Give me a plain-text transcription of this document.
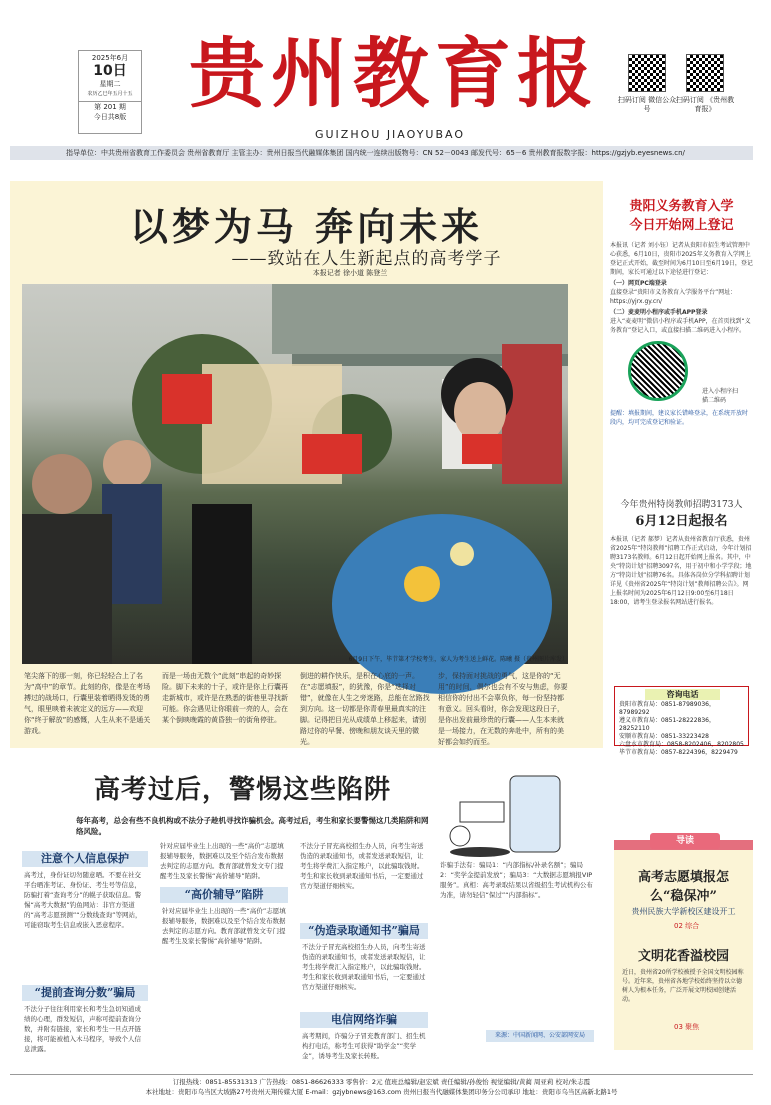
2025年6月
10日
星期二
农历乙巳年五月十五
第 201 期
今日共8版 贵州教育报
GUIZHOU JIAOYUBAO
扫码订阅 微信公众号
扫码订阅 《贵州教育报》
指导单位：中共贵州省教育工作委员会 贵州省教育厅 主管主办：贵州日报当代融媒体集团 国内统一连续出版物号：CN 52－0043 邮发代号：65－6 贵州教育报数字报：https://gzjyb.eyesnews.cn/
以梦为马 奔向未来
——致站在人生新起点的高考学子
本报记者 徐小道 陈登兰
6月9日下午，毕节第才学校考生，家人为考生送上鲜花。陈曦 摄（贵州图片库发）
笔尖落下的那一刻，你已轻轻合上了名为“高中”的章节。此刻的你，像是在考场搏过的战场口，行囊里装着晒得发烫的勇气，眼里映着未被定义的远方——欢迎你“终于解放”的感慨，人生从来不是通关游戏。
而是一场由无数个“此刻”串起的奇妙探险。脚下未来的十子，或许是你上行囊再走新城市，或许是在熟悉的街巷里寻找新可能。你会遇见让你眼前一亮的人，会在某个倒映晚霞的黄昏独一的街角停驻。
倒进的耕作快乐，是积在心底的一声。在“志愿填报”，的犹豫，你是“选择对错”，就像在人生之旁迷路，总能在岔路找到方向。这一切都是你青春里最真实的注脚。记得把目光从成绩单上移起来，请别路过你的早餐、傍晚和朋友谈天里的微光。
步，保持面对挑战的勇气，这是你的“无用”的时间，偶尔也会有不安与焦虑，你要相信你的付出不会辜负你，每一份坚持都有意义。回头看时，你会发现这段日子，是你出发前最珍贵的行囊——人生本来就是一场接力，在无数的奔赴中，所有的美好都会如约而至。
贵阳义务教育入学
今日开始网上登记
本报讯（记者 刘小钰）记者从贵阳市招生考试管理中心获悉，6月10日，贵阳市2025年义务教育入学网上登记正式开始，截至时间为6月10日至6月19日，登记期间，家长可通过以下途径进行登记：
（一）网页PC端登录
直接登录“贵阳市义务教育入学服务平台”网址：https://yjrx.gy.cn/
（二）麦麦明小程序或手机APP登录
进入“麦麦明”微信小程序或手机APP，在首页找到“义务教育”登记入口，或直接扫描二维码进入小程序。
进入小程序扫描二维码
提醒：填报期间，建议家长错峰登录，在系统开放时段内，均可完成登记和验证。
今年贵州特岗教师招聘3173人
6月12日起报名
本报讯（记者 郝梦）记者从贵州省教育厅获悉，贵州省2025年“特岗教师”招聘工作正式启动，今年计划招聘3173名教师。6月12日起开始网上报名。其中，中央“特岗计划”招聘3097名，用于初中和小学学段；地方“特岗计划”招聘76名。具体各岗位分学科招聘计划详见《贵州省2025年“特岗计划”教师招聘公告》。网上报名时间为2025年6月12日9:00至6月18日18:00，请考生登录报名网站进行报名。
咨询电话
贵阳市教育局：0851-87989036，87989292
遵义市教育局：0851-28222836，28252110
安顺市教育局：0851-33223428
六盘水市教育局：0858-8202406，8202805
毕节市教育局：0857-8224396，8229479
高考过后，警惕这些陷阱
每年高考，总会有些不良机构或不法分子趁机寻找诈骗机会。高考过后，考生和家长要警惕这几类陷阱和网络风险。
注意个人信息保护
高考过，身份证切勿随意晒。不要在社交平台晒准考证、身份证、考生号等信息，防骗打着“查询考分”的幌子获取信息。警惕“高考大数据”钓鱼网站：非官方渠道的“高考志愿预测”“分数线查询”等网站，可能窃取考生信息或嵌入恶意程序。
“提前查询分数”骗局
不法分子往往利用家长和考生急切知道成绩的心理，群发短信，声称可提前查询分数，并附有链接，家长和考生一旦点开链接，将可能被植入木马程序，导致个人信息泄露。
针对应届毕业生上出现的一些“高价”志愿填报辅导服务，数据难以及至个结合发布数据去判定的志愿方向。教育部就曾发文专门提醒考生及家长警惕“高价辅导”陷阱。
“高价辅导”陷阱
针对应届毕业生上出现的一些“高价”志愿填报辅导服务，数据难以及至个结合发布数据去判定的志愿方向。教育部就曾发文专门提醒考生及家长警惕“高价辅导”陷阱。
不法分子冒充高校招生办人员，向考生寄送伪造的录取通知书，或者发送录取短信，让考生将学费汇入指定账户，以此骗取钱财。考生和家长收到录取通知书后，一定要通过官方渠道仔细核实。
“伪造录取通知书”骗局
不法分子冒充高校招生办人员，向考生寄送伪造的录取通知书，或者发送录取短信，让考生将学费汇入指定账户，以此骗取钱财。考生和家长收到录取通知书后，一定要通过官方渠道仔细核实。
电信网络诈骗
高考期间，诈骗分子冒充教育部门、招生机构打电话，称考生可获得“助学金”“奖学金”，诱导考生及家长转账。
诈骗手法有：骗局1：“内部指标/补录名额”；骗局2：“奖学金提前发放”；骗局3：“大数据志愿填报VIP服务”。真相：高考录取结果以省级招生考试机构公布为准，请勿轻信“保过”“内部指标”。
来源：中国新闻网、公安部网安局
高考志愿填报怎么“稳保冲”
贵州民族大学新校区建设开工
02 综合
文明花香溢校园
近日，贵州省20所学校被授予全国文明校园称号。近年来，贵州省各地学校始终坚持以立德树人为根本任务，广泛开展文明校园创建活动。
03 聚焦
导读
订报热线：0851-85531313 广告热线：0851-86626333 零售价：2元 值班总编辑/赵宏斌 责任编辑/孙俊怡 视觉编辑/黄蔺 周亚莉 校对/朱志霞
本社地址：贵阳市乌当区大坡路27号贵州天翔传媒大厦 E-mail：gzjybnews@163.com 贵州日报当代融媒体集团印务分公司承印 地址：贵阳市乌当区高新北路1号
